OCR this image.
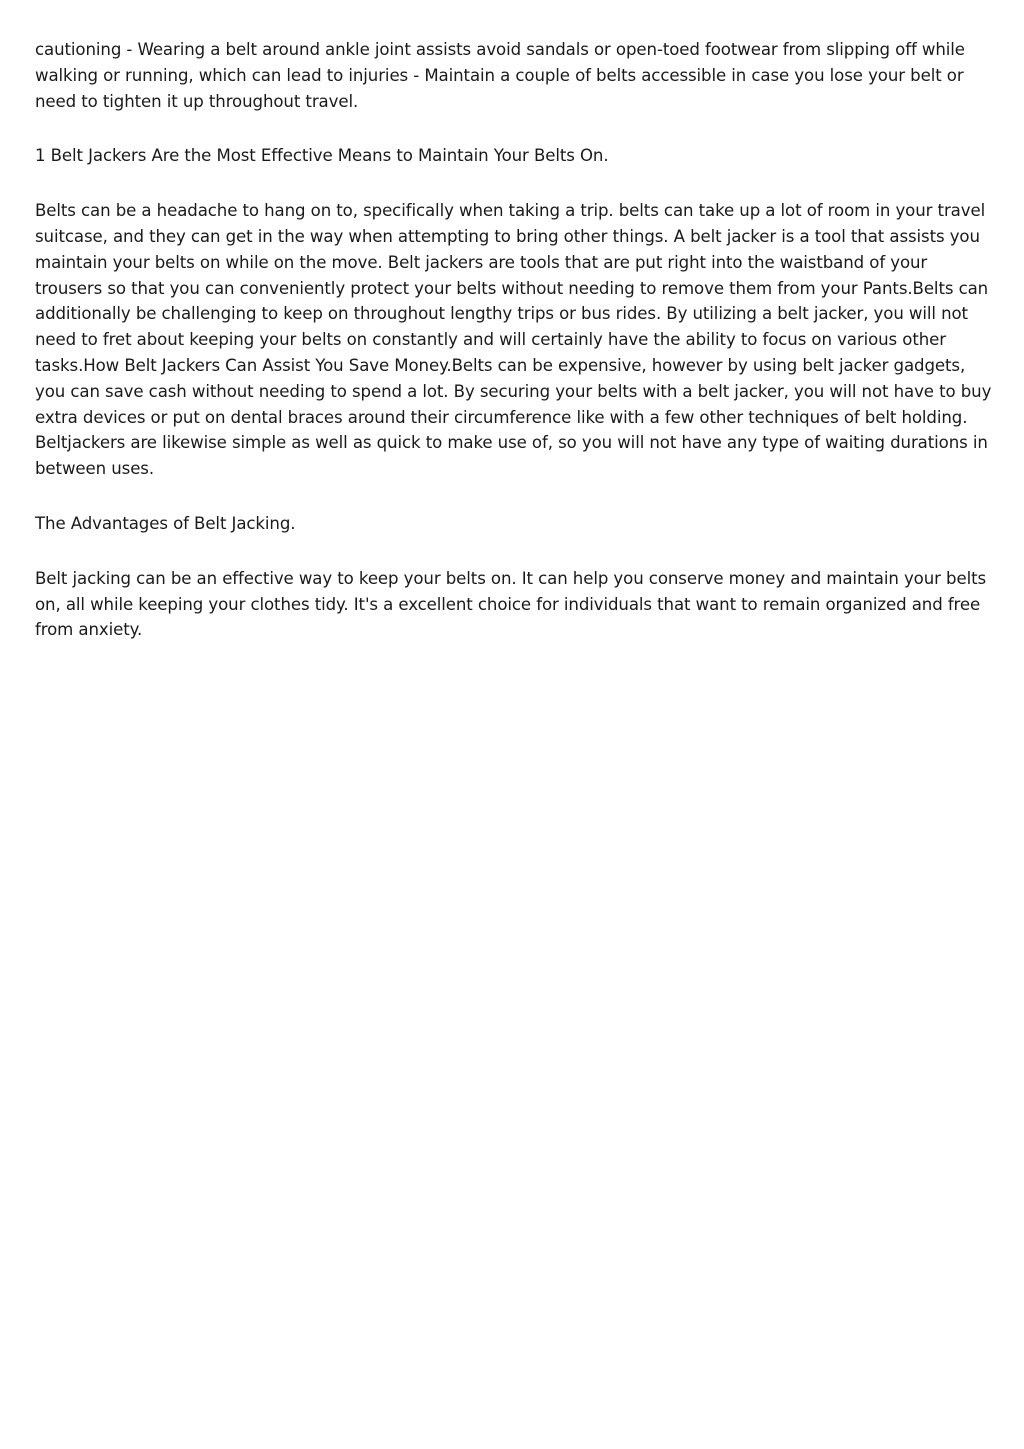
cautioning - Wearing a belt around ankle joint assists avoid sandals or open-toed footwear from slipping off while walking or running, which can lead to injuries - Maintain a couple of belts accessible in case you lose your belt or need to tighten it up throughout travel.

1 Belt Jackers Are the Most Effective Means to Maintain Your Belts On.

Belts can be a headache to hang on to, specifically when taking a trip. belts can take up a lot of room in your travel suitcase, and they can get in the way when attempting to bring other things. A belt jacker is a tool that assists you maintain your belts on while on the move. Belt jackers are tools that are put right into the waistband of your trousers so that you can conveniently protect your belts without needing to remove them from your Pants.Belts can additionally be challenging to keep on throughout lengthy trips or bus rides. By utilizing a belt jacker, you will not need to fret about keeping your belts on constantly and will certainly have the ability to focus on various other tasks.How Belt Jackers Can Assist You Save Money.Belts can be expensive, however by using belt jacker gadgets, you can save cash without needing to spend a lot. By securing your belts with a belt jacker, you will not have to buy extra devices or put on dental braces around their circumference like with a few other techniques of belt holding. Beltjackers are likewise simple as well as quick to make use of, so you will not have any type of waiting durations in between uses.

The Advantages of Belt Jacking.

Belt jacking can be an effective way to keep your belts on. It can help you conserve money and maintain your belts on, all while keeping your clothes tidy. It's a excellent choice for individuals that want to remain organized and free from anxiety.
